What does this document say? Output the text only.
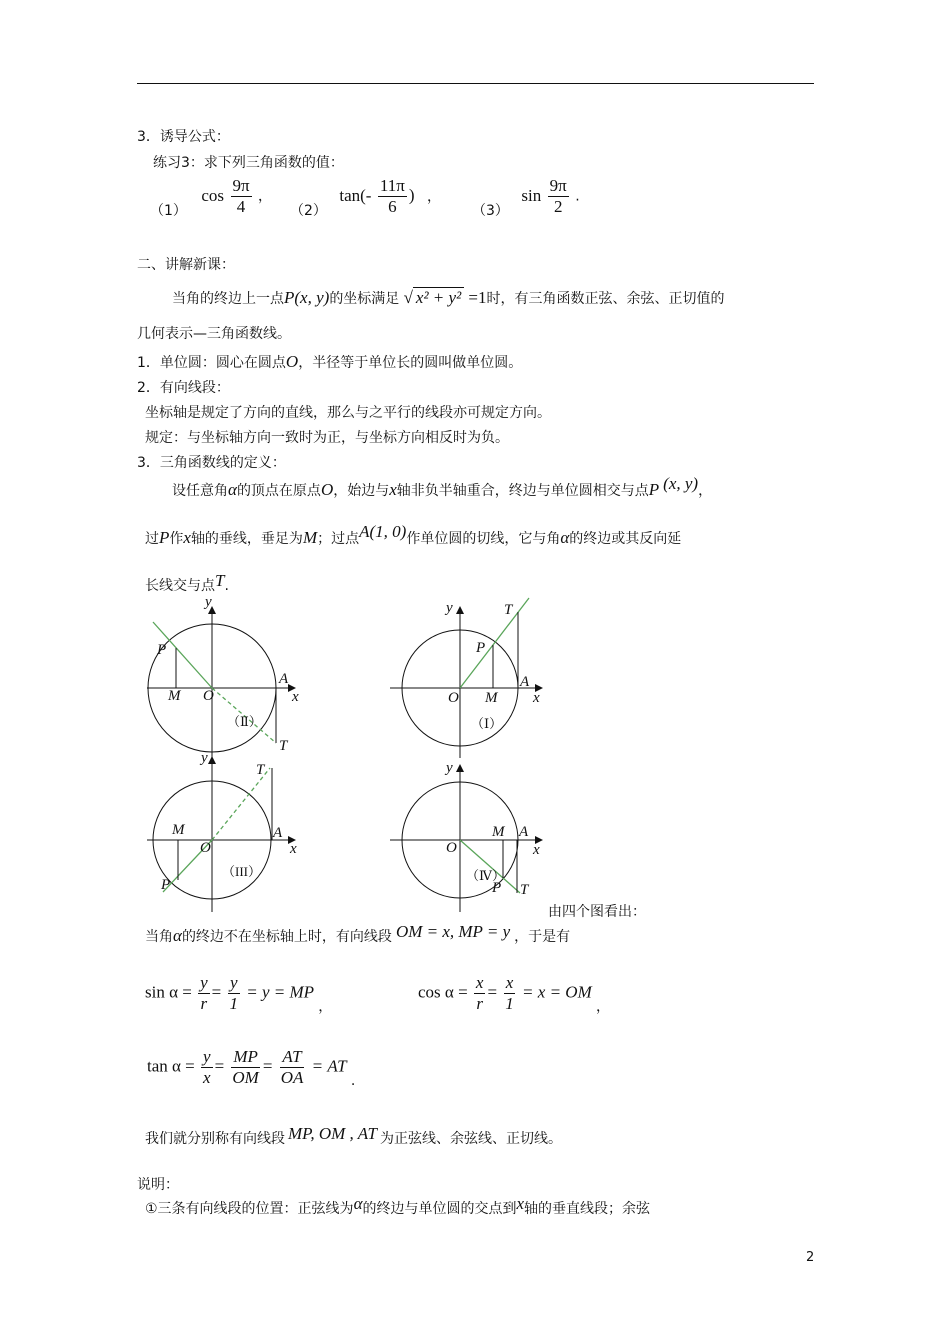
3．诱导公式：
练习3：求下列三角函数的值：
（1） $\cos \frac{9\pi}{4}$ ，
（2） $\tan(- \frac{11\pi}{6}$ ) ，
（3） $\sin \frac{9\pi}{2}$ .
二、讲解新课：
当角的终边上一点P(x, y)的坐标满足 √ x² + y² =1时，有三角函数正弦、余弦、正切值的
几何表示—三角函数线。
1．单位圆：圆心在圆点O，半径等于单位长的圆叫做单位圆。
2．有向线段：
坐标轴是规定了方向的直线，那么与之平行的线段亦可规定方向。
规定：与坐标轴方向一致时为正，与坐标方向相反时为负。
3．三角函数线的定义：
设任意角α的顶点在原点O，始边与x轴非负半轴重合，终边与单位圆相交与点P (x, y)，
过P作x轴的垂线，垂足为M；过点A(1, 0)作单位圆的切线，它与角α的终边或其反向延
长线交与点T.
y
x
O
P
M
A
T
（Ⅱ）
y
x
O
P
M
A
T
（Ⅰ）
y
x
O
P
M	A
T
（III）
y
x
O
P
M A
T
（Ⅳ）
由四个图看出：
当角α的终边不在坐标轴上时，有向线段 OM = x, MP = y ，于是有
$\sin \alpha = \frac{y}{r} = \frac{y}{1} = y$ = MP $_,$
$\cos \alpha = \frac{x}{r} = \frac{x}{1} = x$ = OM $_,$
$\tan \alpha = \frac{y}{x} = \frac{MP}{OM} = \frac{AT}{OA}$ = AT $_.$
我们就分别称有向线段 MP, OM , AT 为正弦线、余弦线、正切线。
说明：
①三条有向线段的位置：正弦线为α的终边与单位圆的交点到x轴的垂直线段；余弦
2
